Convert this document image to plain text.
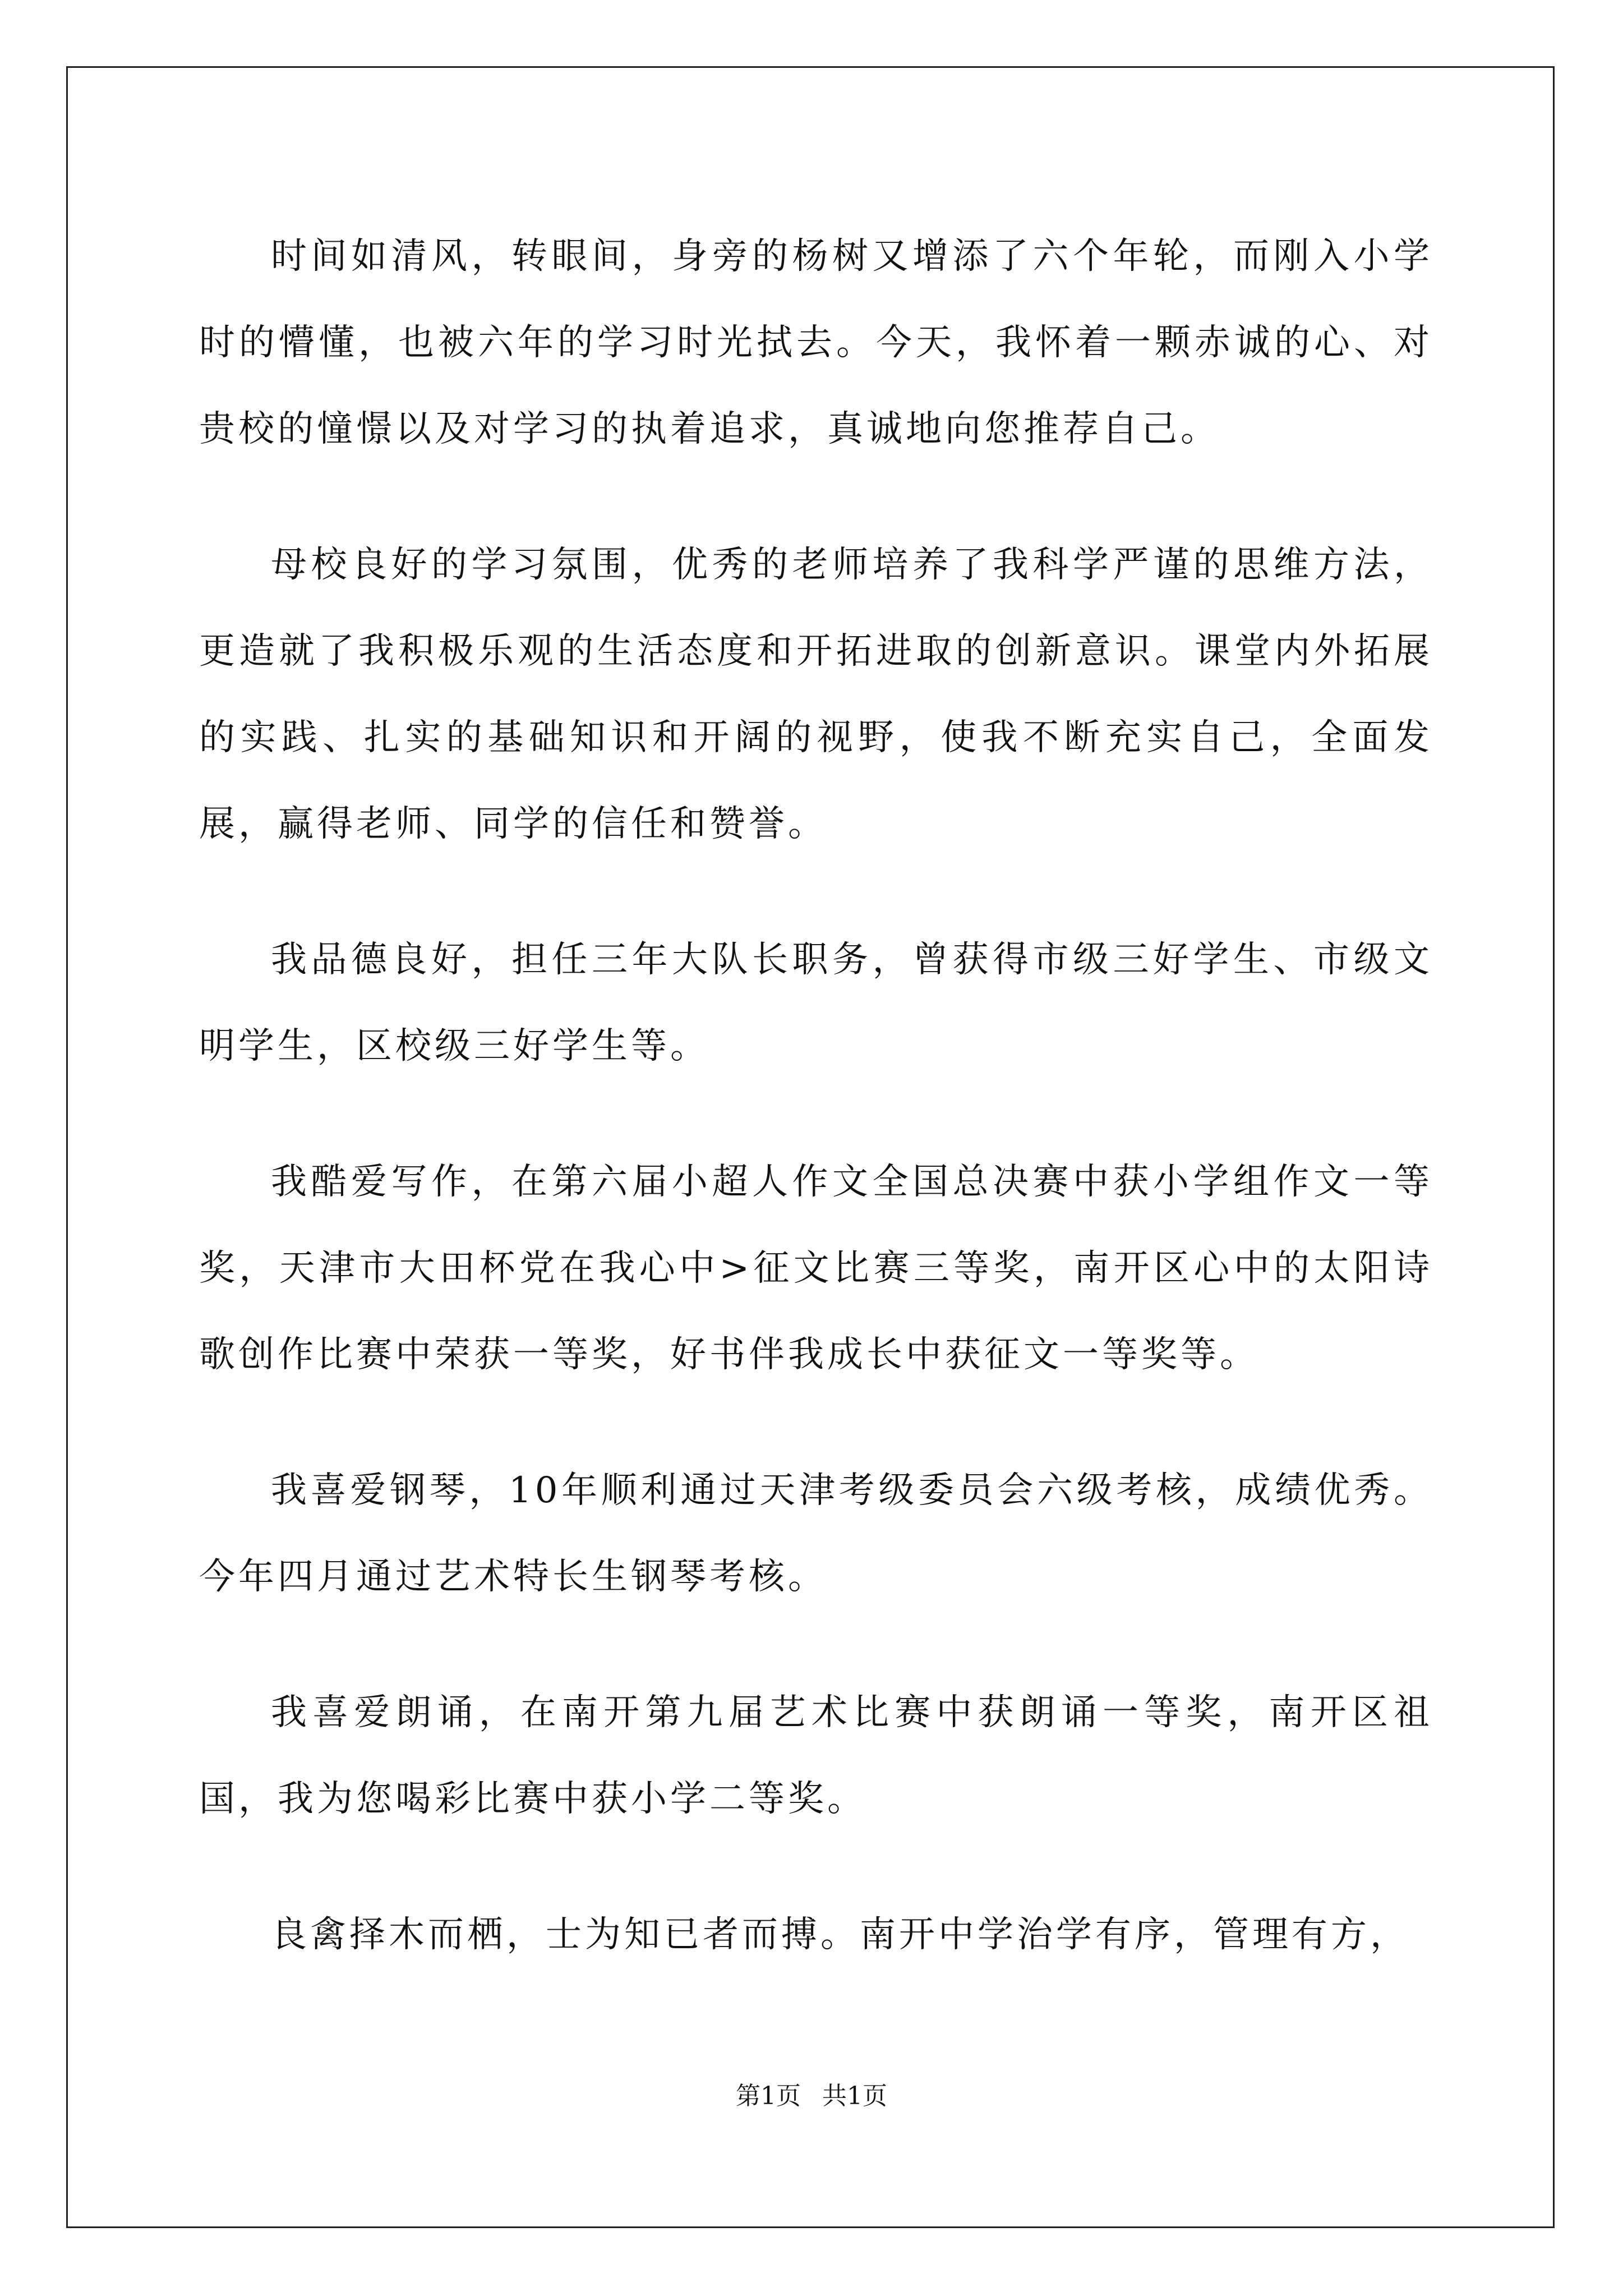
时间如清风，转眼间，身旁的杨树又增添了六个年轮，而刚入小学时的懵懂，也被六年的学习时光拭去。今天，我怀着一颗赤诚的心、对贵校的憧憬以及对学习的执着追求，真诚地向您推荐自己。

母校良好的学习氛围，优秀的老师培养了我科学严谨的思维方法，更造就了我积极乐观的生活态度和开拓进取的创新意识。课堂内外拓展的实践、扎实的基础知识和开阔的视野，使我不断充实自己，全面发展，赢得老师、同学的信任和赞誉。

我品德良好，担任三年大队长职务，曾获得市级三好学生、市级文明学生，区校级三好学生等。

我酷爱写作，在第六届小超人作文全国总决赛中获小学组作文一等奖，天津市大田杯党在我心中>征文比赛三等奖，南开区心中的太阳诗歌创作比赛中荣获一等奖，好书伴我成长中获征文一等奖等。

我喜爱钢琴，10年顺利通过天津考级委员会六级考核，成绩优秀。今年四月通过艺术特长生钢琴考核。

我喜爱朗诵，在南开第九届艺术比赛中获朗诵一等奖，南开区祖国，我为您喝彩比赛中获小学二等奖。

良禽择木而栖，士为知已者而搏。南开中学治学有序，管理有方，

第1页 共1页
